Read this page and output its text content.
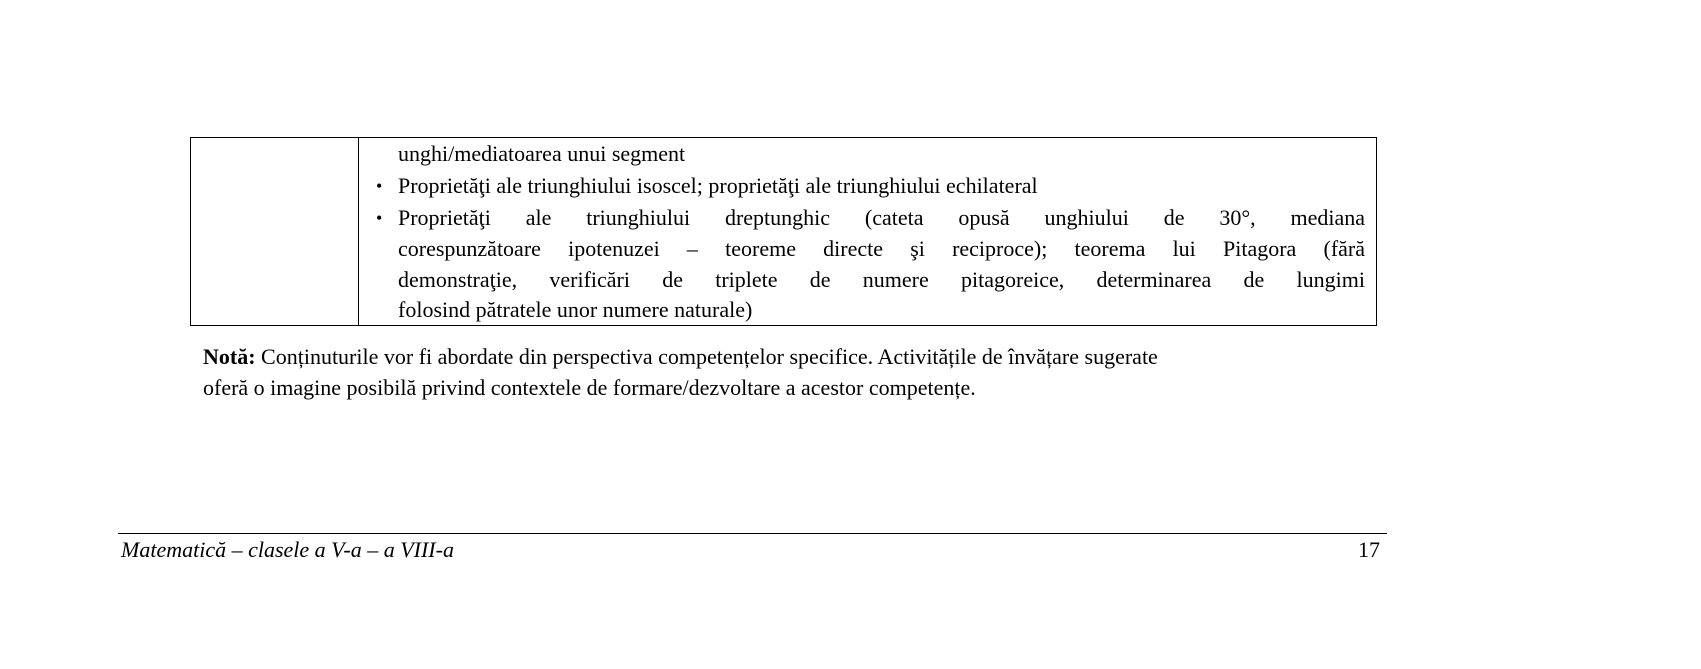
unghi/mediatoarea unui segment
• Proprietăţi ale triunghiului isoscel; proprietăţi ale triunghiului echilateral
• Proprietăţi ale triunghiului dreptunghic (cateta opusă unghiului de 30°, mediana
corespunzătoare ipotenuzei – teoreme directe şi reciproce); teorema lui Pitagora (fără
demonstraţie, verificări de triplete de numere pitagoreice, determinarea de lungimi
folosind pătratele unor numere naturale)
Notă: Conținuturile vor fi abordate din perspectiva competențelor specifice. Activitățile de învățare sugerate
oferă o imagine posibilă privind contextele de formare/dezvoltare a acestor competențe.
Matematică – clasele a V-a – a VIII-a	17
